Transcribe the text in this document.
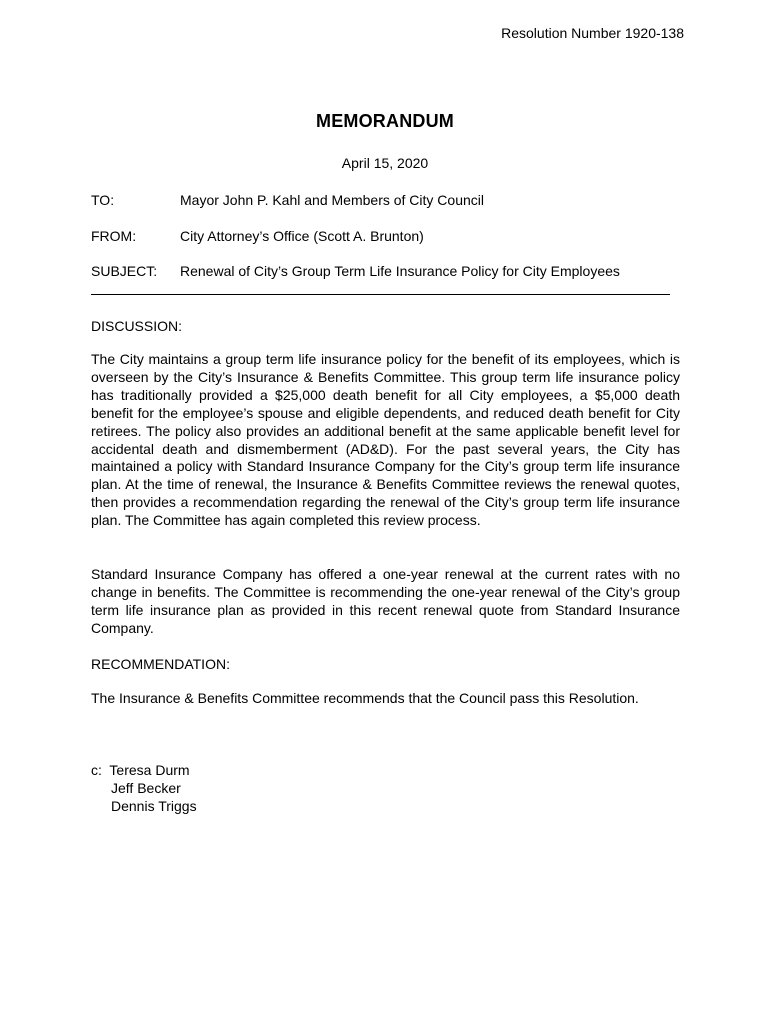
Resolution Number 1920-138
MEMORANDUM
April 15, 2020
TO:	Mayor John P. Kahl and Members of City Council
FROM:	City Attorney’s Office (Scott A. Brunton)
SUBJECT: Renewal of City’s Group Term Life Insurance Policy for City Employees
DISCUSSION:

The City maintains a group term life insurance policy for the benefit of its employees, which is overseen by the City’s Insurance & Benefits Committee. This group term life insurance policy has traditionally provided a $25,000 death benefit for all City employees, a $5,000 death benefit for the employee’s spouse and eligible dependents, and reduced death benefit for City retirees. The policy also provides an additional benefit at the same applicable benefit level for accidental death and dismemberment (AD&D). For the past several years, the City has maintained a policy with Standard Insurance Company for the City’s group term life insurance plan. At the time of renewal, the Insurance & Benefits Committee reviews the renewal quotes, then provides a recommendation regarding the renewal of the City’s group term life insurance plan. The Committee has again completed this review process.

Standard Insurance Company has offered a one-year renewal at the current rates with no change in benefits. The Committee is recommending the one-year renewal of the City’s group term life insurance plan as provided in this recent renewal quote from Standard Insurance Company.

RECOMMENDATION:

The Insurance & Benefits Committee recommends that the Council pass this Resolution.

c: Teresa Durm
Jeff Becker
Dennis Triggs
